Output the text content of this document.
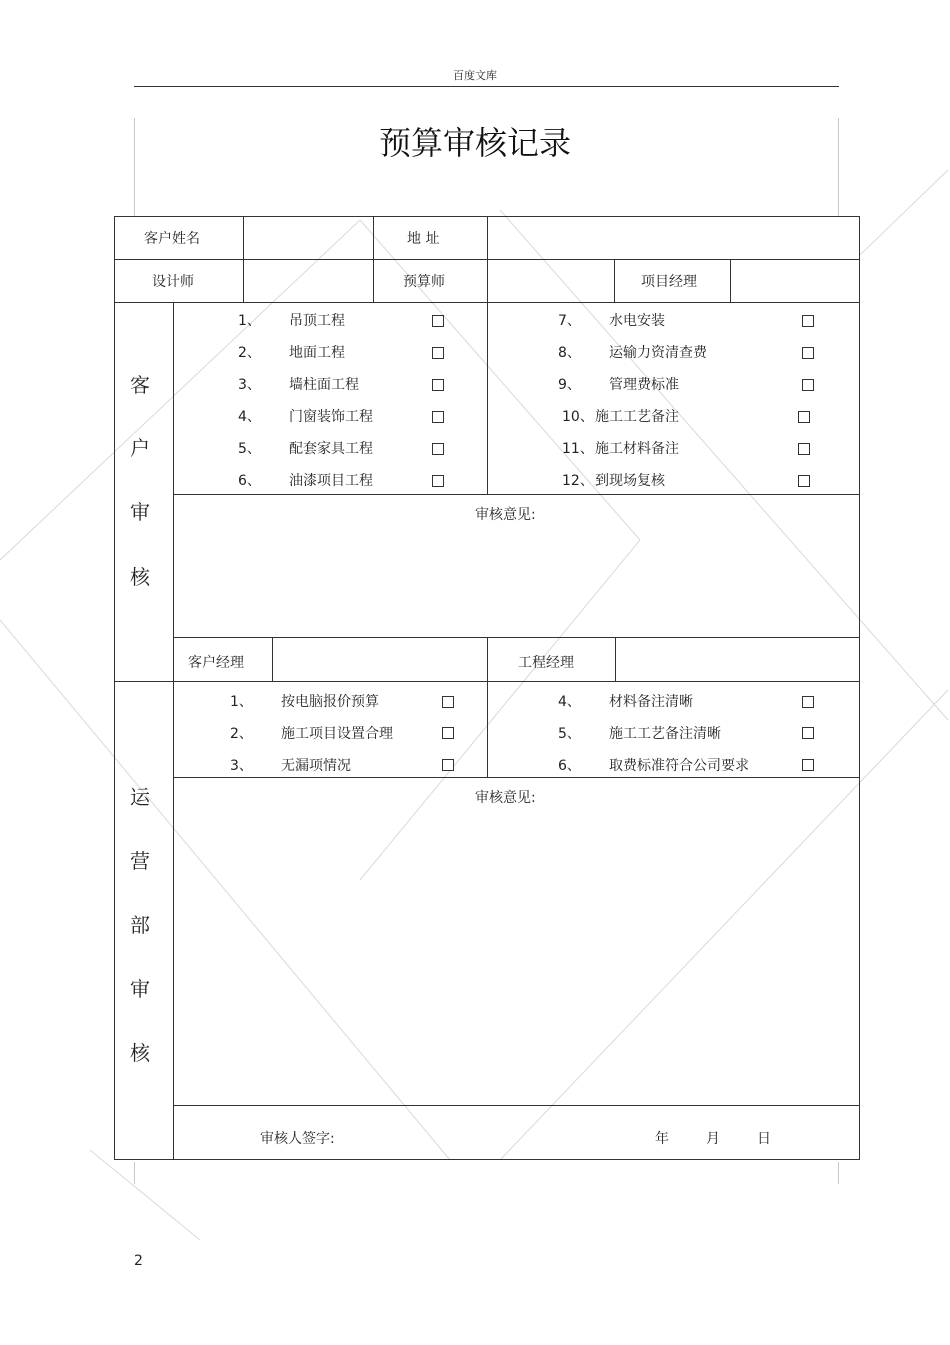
百度文库
预算审核记录
客户姓名	地 址
设计师	预算师	项目经理
客
户
审
核
1、 吊顶工程
2、 地面工程
3、 墙柱面工程
4、 门窗装饰工程
5、 配套家具工程
6、 油漆项目工程
7、 水电安装
8、 运输力资清查费
9、 管理费标准
10、 施工工艺备注
11、 施工材料备注
12、 到现场复核
审核意见:
客户经理	工程经理
运
营
部
审
核
1、 按电脑报价预算
2、 施工项目设置合理
3、 无漏项情况
4、 材料备注清晰
5、 施工工艺备注清晰
6、 取费标准符合公司要求
审核意见:
审核人签字:	年	月	日
2
